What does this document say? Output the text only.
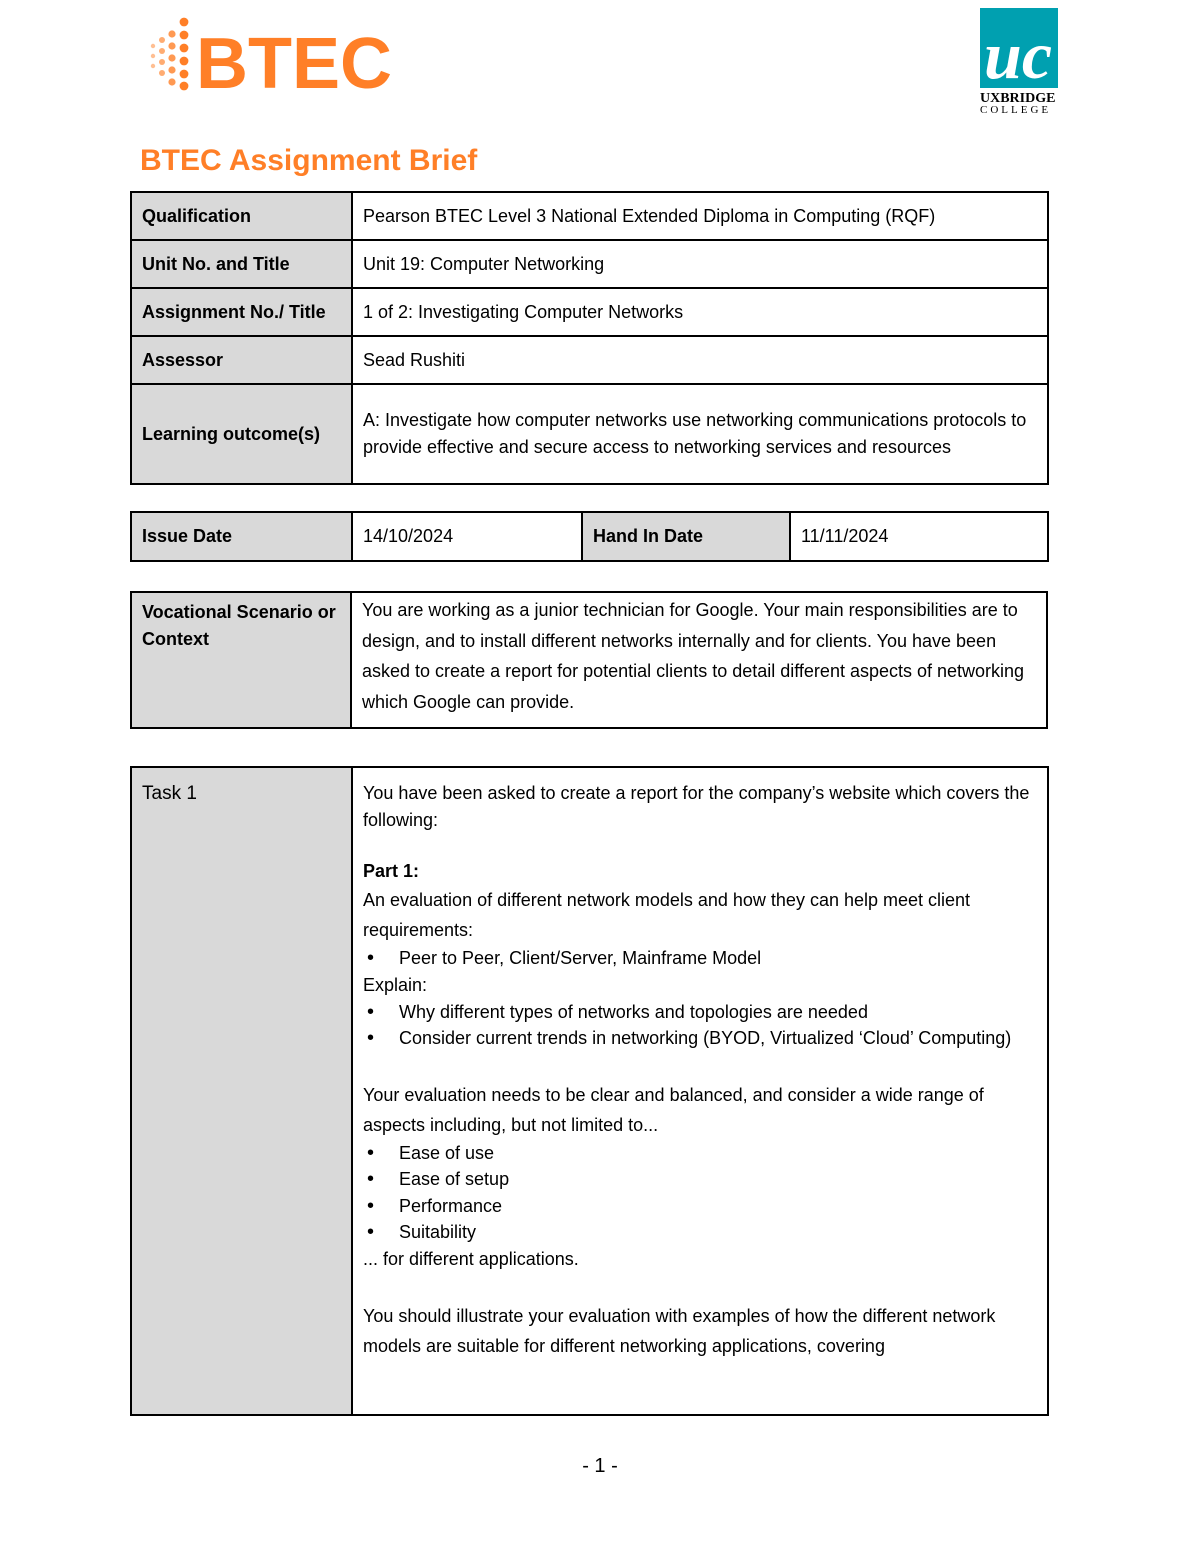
BTEC	uc
UXBRIDGE
COLLEGE
BTEC Assignment Brief
Qualification	Pearson BTEC Level 3 National Extended Diploma in Computing (RQF)
Unit No. and Title	Unit 19: Computer Networking
Assignment No./ Title	1 of 2: Investigating Computer Networks
Assessor	Sead Rushiti
Learning outcome(s)	A: Investigate how computer networks use networking communications protocols to provide effective and secure access to networking services and resources
Issue Date	14/10/2024	Hand In Date	11/11/2024
Vocational Scenario or Context	You are working as a junior technician for Google. Your main responsibilities are to design, and to install different networks internally and for clients. You have been asked to create a report for potential clients to detail different aspects of networking which Google can provide.
Task 1	You have been asked to create a report for the company’s website which covers the following:

Part 1:

An evaluation of different network models and how they can help meet client requirements:

• Peer to Peer, Client/Server, Mainframe Model

Explain:

• Why different types of networks and topologies are needed
• Consider current trends in networking (BYOD, Virtualized ‘Cloud’ Computing)

Your evaluation needs to be clear and balanced, and consider a wide range of aspects including, but not limited to...

• Ease of use
• Ease of setup
• Performance
• Suitability

... for different applications.

You should illustrate your evaluation with examples of how the different network models are suitable for different networking applications, covering

- 1 -
